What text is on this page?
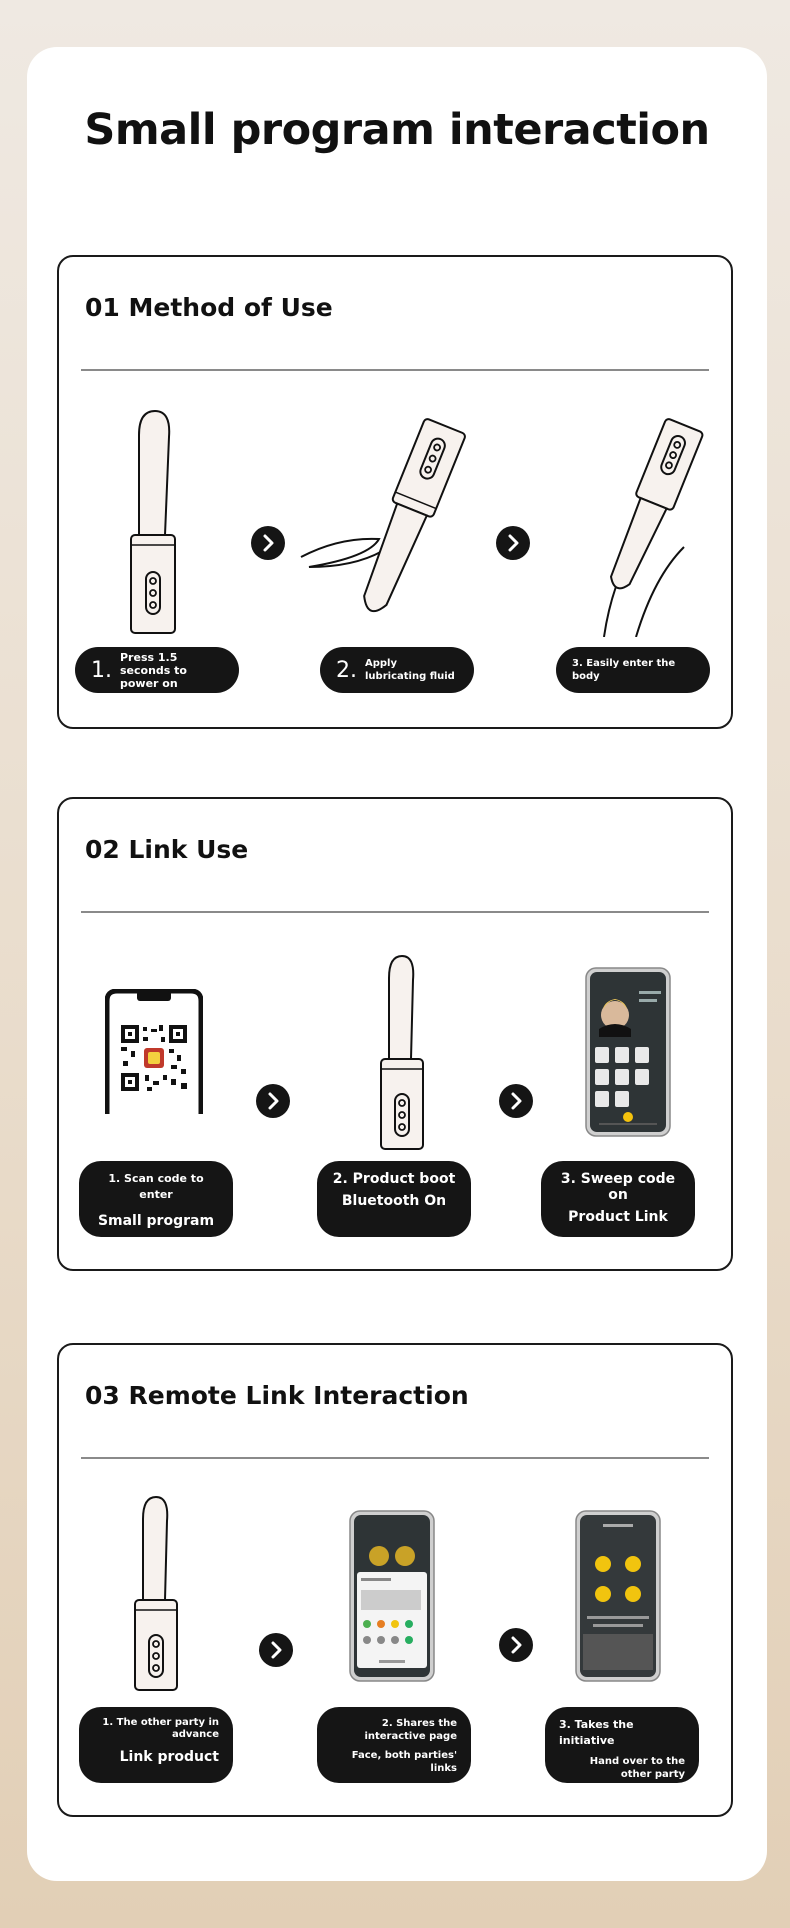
Small program interaction
01 Method of Use
1.
Press 1.5 seconds to power on
2. Apply lubricating fluid
3. Easily enter the body
02 Link Use
1. Scan code to enter
Small program
2. Product boot
Bluetooth On
3. Sweep code on
Product Link
03 Remote Link Interaction
1. The other party in advance
Link product
2. Shares the interactive page
Face, both parties' links
3. Takes the initiative
Hand over to the other party
